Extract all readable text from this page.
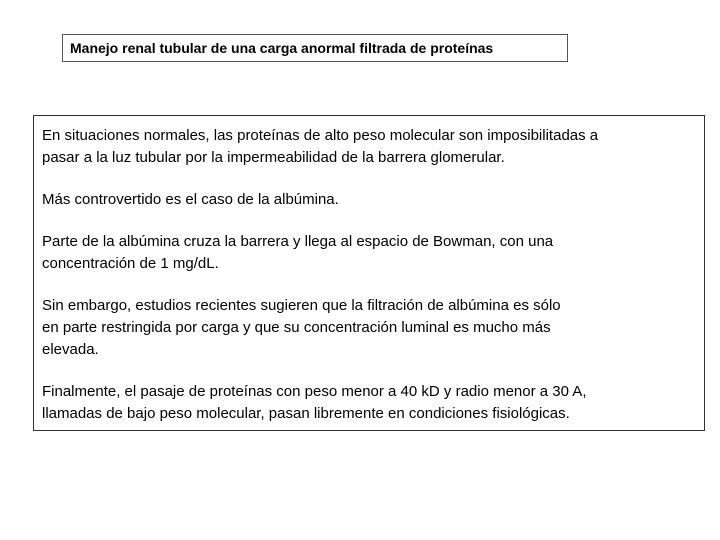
Manejo renal tubular de una carga anormal filtrada de proteínas

En situaciones normales, las proteínas de alto peso molecular son imposibilitadas a
pasar a la luz tubular por la impermeabilidad de la barrera glomerular.

Más controvertido es el caso de la albúmina.

Parte de la albúmina cruza la barrera y llega al espacio de Bowman, con una
concentración de 1 mg/dL.

Sin embargo, estudios recientes sugieren que la filtración de albúmina es sólo
en parte restringida por carga y que su concentración luminal es mucho más
elevada.

Finalmente, el pasaje de proteínas con peso menor a 40 kD y radio menor a 30 A,
llamadas de bajo peso molecular, pasan libremente en condiciones fisiológicas.
